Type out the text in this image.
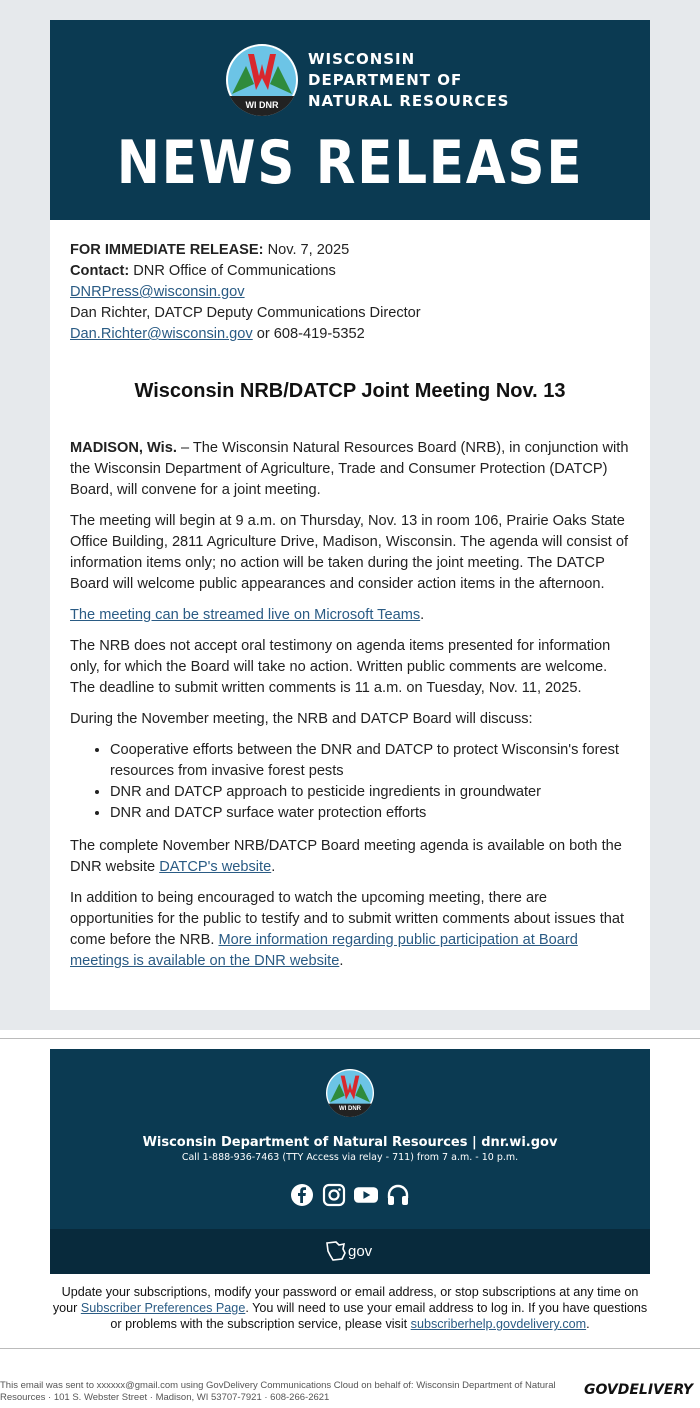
WI DNR
WISCONSIN
DEPARTMENT OF
NATURAL RESOURCES
NEWS RELEASE

FOR IMMEDIATE RELEASE: Nov. 7, 2025

Contact: DNR Office of Communications

DNRPress@wisconsin.gov

Dan Richter, DATCP Deputy Communications Director

Dan.Richter@wisconsin.gov or 608-419-5352

Wisconsin NRB/DATCP Joint Meeting Nov. 13

MADISON, Wis. – The Wisconsin Natural Resources Board (NRB), in conjunction with the Wisconsin Department of Agriculture, Trade and Consumer Protection (DATCP) Board, will convene for a joint meeting.

The meeting will begin at 9 a.m. on Thursday, Nov. 13 in room 106, Prairie Oaks State Office Building, 2811 Agriculture Drive, Madison, Wisconsin. The agenda will consist of information items only; no action will be taken during the joint meeting. The DATCP Board will welcome public appearances and consider action items in the afternoon.

The meeting can be streamed live on Microsoft Teams.

The NRB does not accept oral testimony on agenda items presented for information only, for which the Board will take no action. Written public comments are welcome. The deadline to submit written comments is 11 a.m. on Tuesday, Nov. 11, 2025.

During the November meeting, the NRB and DATCP Board will discuss:

• Cooperative efforts between the DNR and DATCP to protect Wisconsin's forest resources from invasive forest pests
• DNR and DATCP approach to pesticide ingredients in groundwater
• DNR and DATCP surface water protection efforts

The complete November NRB/DATCP Board meeting agenda is available on both the DNR website DATCP's website.

In addition to being encouraged to watch the upcoming meeting, there are opportunities for the public to testify and to submit written comments about issues that come before the NRB. More information regarding public participation at Board meetings is available on the DNR website.

WI DNR
Wisconsin Department of Natural Resources | dnr.wi.gov
Call 1-888-936-7463 (TTY Access via relay - 711) from 7 a.m. - 10 p.m.
gov
Update your subscriptions, modify your password or email address, or stop subscriptions at any time on your Subscriber Preferences Page. You will need to use your email address to log in. If you have questions or problems with the subscription service, please visit subscriberhelp.govdelivery.com.
This email was sent to xxxxxx@gmail.com using GovDelivery Communications Cloud on behalf of: Wisconsin Department of Natural Resources · 101 S. Webster Street · Madison, WI 53707-7921 · 608-266-2621	GOVDELIVERY
